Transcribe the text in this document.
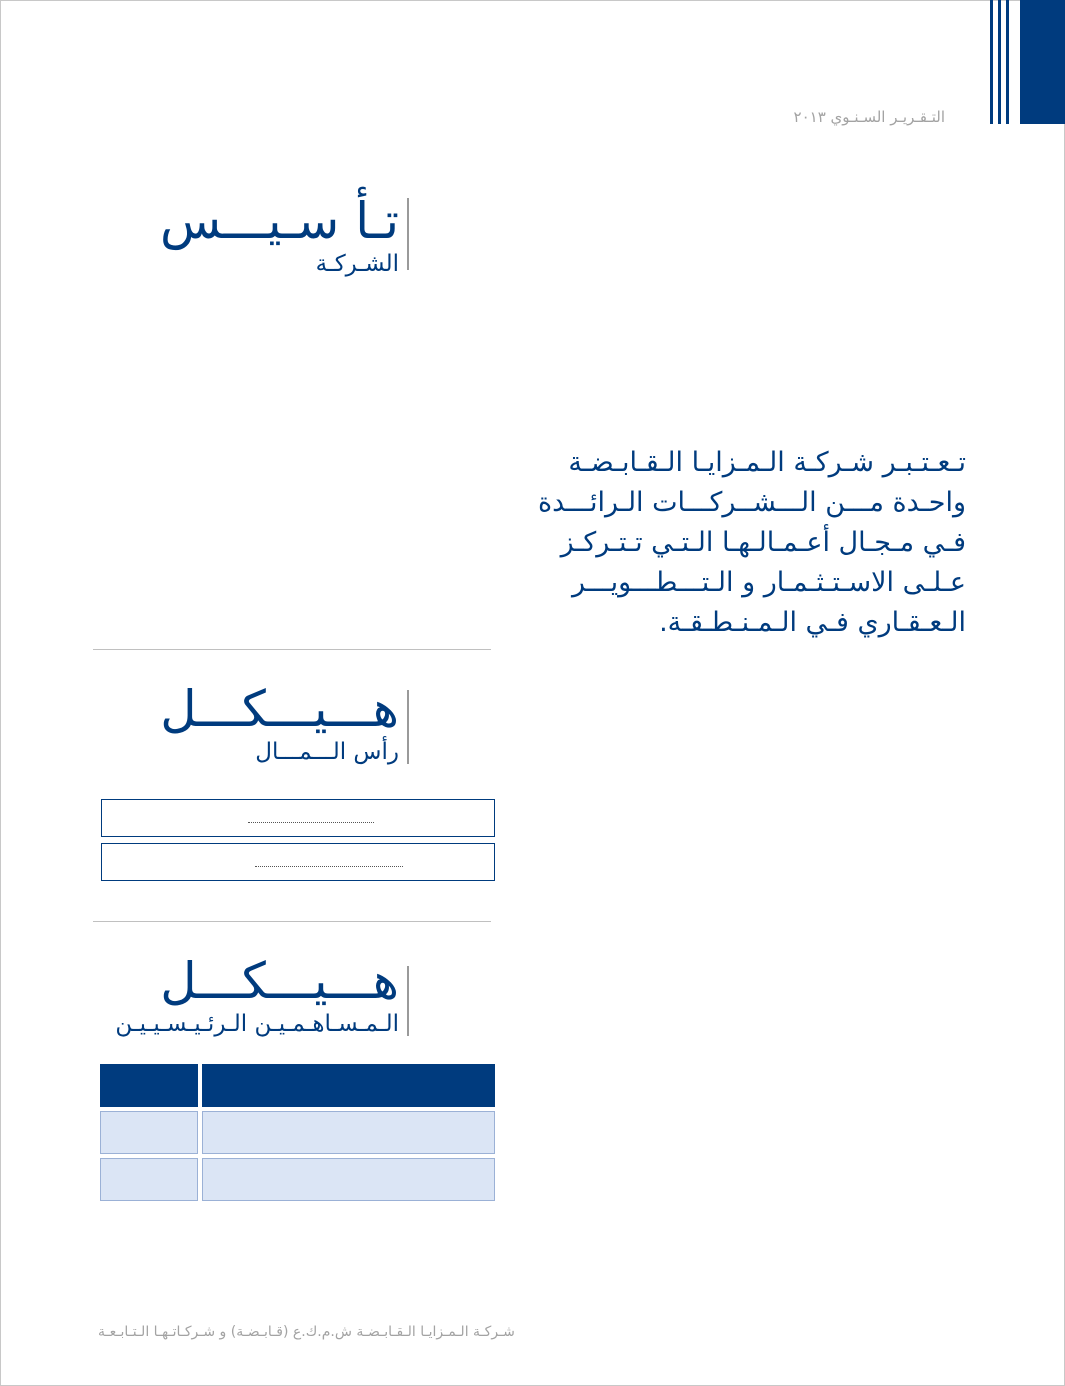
التـقـريـر السـنـوي ٢٠١٣
تـأ سـيـــس
الشـركـة
تـعـتـبـر شـركـة الـمـزايـا الـقـابـضـة واحـدة مـــن الـــشــركـــات الـرائـــدة فـي مـجـال أعـمـالـهـا الـتـي تـتـركـز عـلـى الاسـتـثـمـار و الـتـــطـــويـــر الـعـقـاري فـي الـمـنـطـقـة.
هـــيـــكـــل
رأس الـــمـــال
هـــيـــكـــل
الـمـسـاهـمـيـن الـرئـيـسـيـيـن

شـركـة الـمـزايـا الـقـابـضـة ش.م.ك.ع (قـابـضـة) و شـركـاتـهـا الـتـابـعـة
